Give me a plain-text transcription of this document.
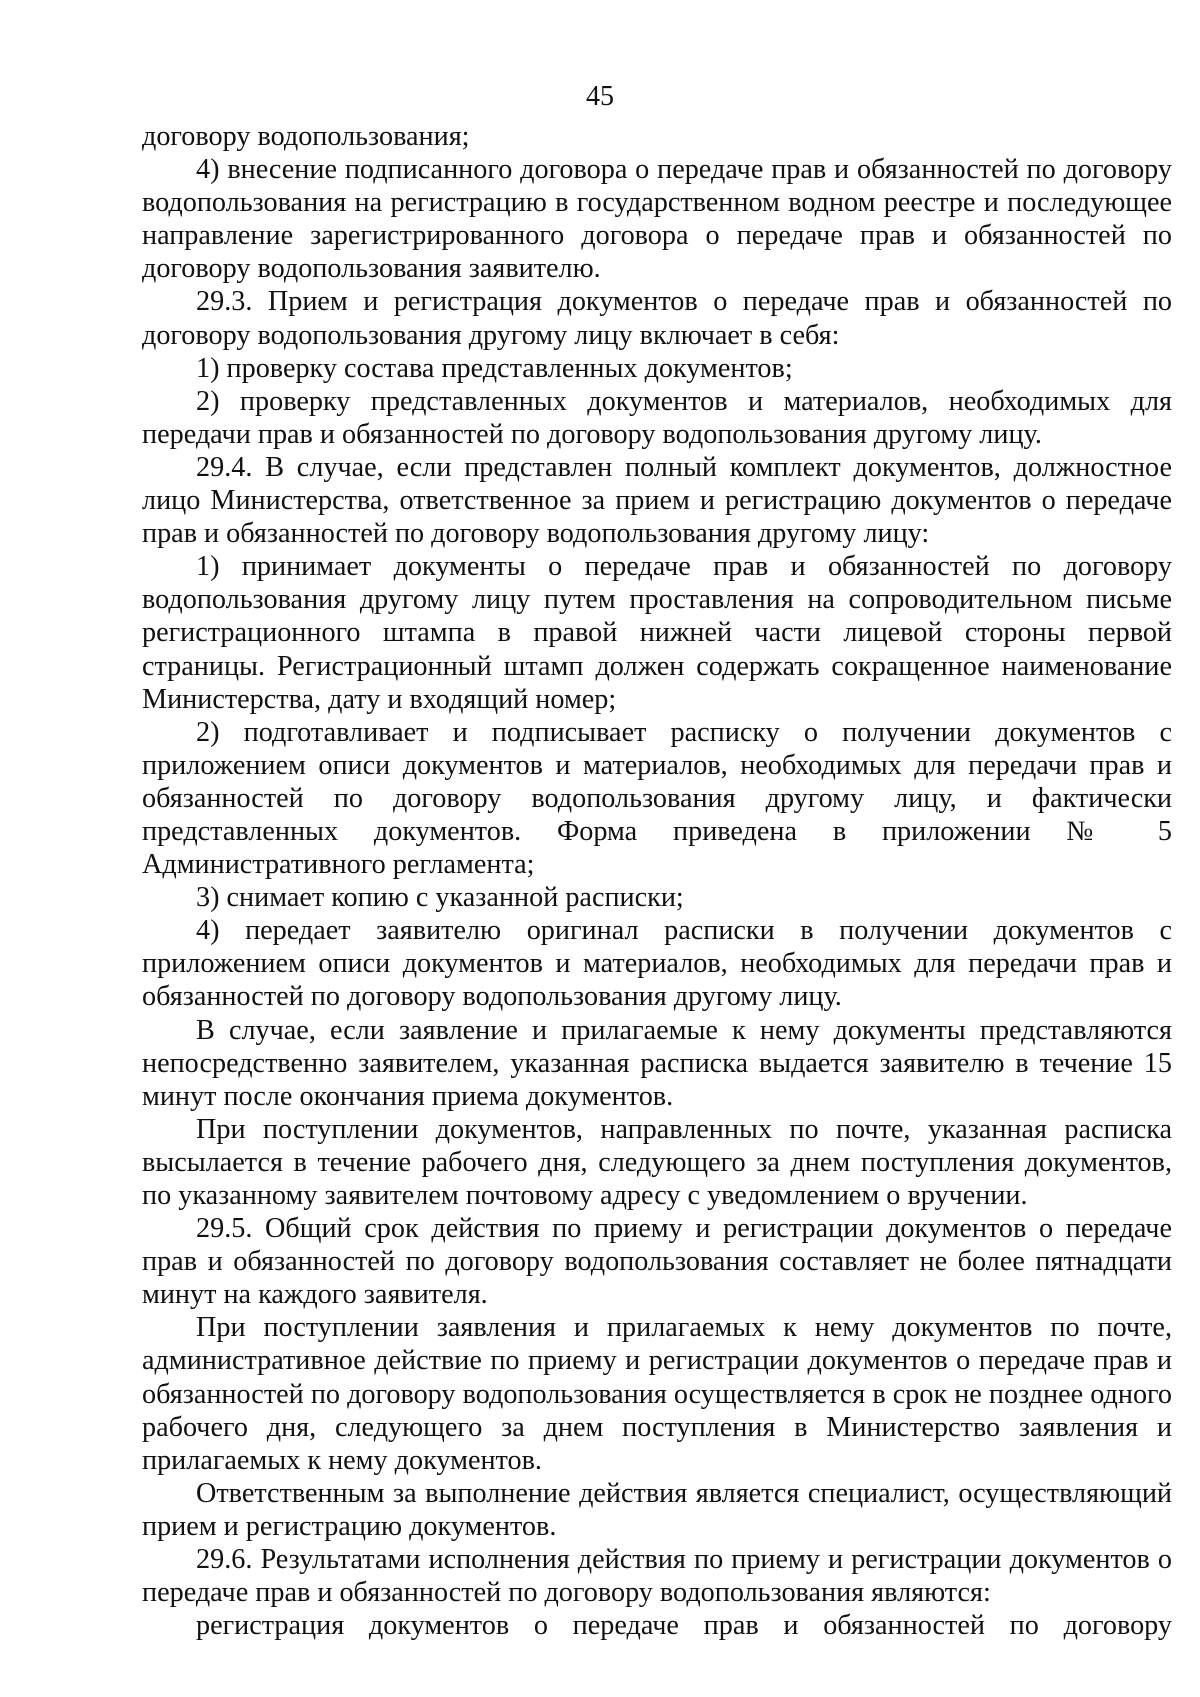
45

договору водопользования;

4) внесение подписанного договора о передаче прав и обязанностей по договору водопользования на регистрацию в государственном водном реестре и последующее направление зарегистрированного договора о передаче прав и обязанностей по договору водопользования заявителю.

29.3. Прием и регистрация документов о передаче прав и обязанностей по договору водопользования другому лицу включает в себя:

1) проверку состава представленных документов;

2) проверку представленных документов и материалов, необходимых для передачи прав и обязанностей по договору водопользования другому лицу.

29.4. В случае, если представлен полный комплект документов, должностное лицо Министерства, ответственное за прием и регистрацию документов о передаче прав и обязанностей по договору водопользования другому лицу:

1) принимает документы о передаче прав и обязанностей по договору водопользования другому лицу путем проставления на сопроводительном письме регистрационного штампа в правой нижней части лицевой стороны первой страницы. Регистрационный штамп должен содержать сокращенное наименование Министерства, дату и входящий номер;

2) подготавливает и подписывает расписку о получении документов с приложением описи документов и материалов, необходимых для передачи прав и обязанностей по договору водопользования другому лицу, и фактически представленных документов. Форма приведена в приложении № 5 Административного регламента;

3) снимает копию с указанной расписки;

4) передает заявителю оригинал расписки в получении документов с приложением описи документов и материалов, необходимых для передачи прав и обязанностей по договору водопользования другому лицу.

В случае, если заявление и прилагаемые к нему документы представляются непосредственно заявителем, указанная расписка выдается заявителю в течение 15 минут после окончания приема документов.

При поступлении документов, направленных по почте, указанная расписка высылается в течение рабочего дня, следующего за днем поступления документов, по указанному заявителем почтовому адресу с уведомлением о вручении.

29.5. Общий срок действия по приему и регистрации документов о передаче прав и обязанностей по договору водопользования составляет не более пятнадцати минут на каждого заявителя.

При поступлении заявления и прилагаемых к нему документов по почте, административное действие по приему и регистрации документов о передаче прав и обязанностей по договору водопользования осуществляется в срок не позднее одного рабочего дня, следующего за днем поступления в Министерство заявления и прилагаемых к нему документов.

Ответственным за выполнение действия является специалист, осуществляющий прием и регистрацию документов.

29.6. Результатами исполнения действия по приему и регистрации документов о передаче прав и обязанностей по договору водопользования являются:

регистрация документов о передаче прав и обязанностей по договору
